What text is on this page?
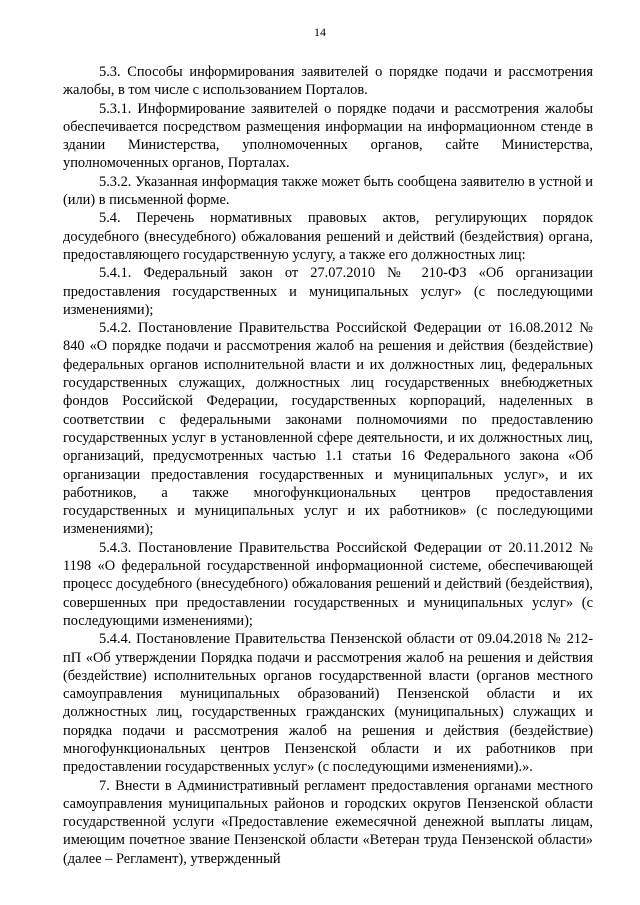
14

5.3. Способы информирования заявителей о порядке подачи и рассмотрения жалобы, в том числе с использованием Порталов.

5.3.1. Информирование заявителей о порядке подачи и рассмотрения жалобы обеспечивается посредством размещения информации на информационном стенде в здании Министерства, уполномоченных органов, сайте Министерства, уполномоченных органов, Порталах.

5.3.2. Указанная информация также может быть сообщена заявителю в устной и (или) в письменной форме.

5.4. Перечень нормативных правовых актов, регулирующих порядок досудебного (внесудебного) обжалования решений и действий (бездействия) органа, предоставляющего государственную услугу, а также его должностных лиц:

5.4.1. Федеральный закон от 27.07.2010 № 210-ФЗ «Об организации предоставления государственных и муниципальных услуг» (с последующими изменениями);

5.4.2. Постановление Правительства Российской Федерации от 16.08.2012 № 840 «О порядке подачи и рассмотрения жалоб на решения и действия (бездействие) федеральных органов исполнительной власти и их должностных лиц, федеральных государственных служащих, должностных лиц государственных внебюджетных фондов Российской Федерации, государственных корпораций, наделенных в соответствии с федеральными законами полномочиями по предоставлению государственных услуг в установленной сфере деятельности, и их должностных лиц, организаций, предусмотренных частью 1.1 статьи 16 Федерального закона «Об организации предоставления государственных и муниципальных услуг», и их работников, а также многофункциональных центров предоставления государственных и муниципальных услуг и их работников» (с последующими изменениями);

5.4.3. Постановление Правительства Российской Федерации от 20.11.2012 № 1198 «О федеральной государственной информационной системе, обеспечивающей процесс досудебного (внесудебного) обжалования решений и действий (бездействия), совершенных при предоставлении государственных и муниципальных услуг» (с последующими изменениями);

5.4.4. Постановление Правительства Пензенской области от 09.04.2018 № 212-пП «Об утверждении Порядка подачи и рассмотрения жалоб на решения и действия (бездействие) исполнительных органов государственной власти (органов местного самоуправления муниципальных образований) Пензенской области и их должностных лиц, государственных гражданских (муниципальных) служащих и порядка подачи и рассмотрения жалоб на решения и действия (бездействие) многофункциональных центров Пензенской области и их работников при предоставлении государственных услуг» (с последующими изменениями).».

7. Внести в Административный регламент предоставления органами местного самоуправления муниципальных районов и городских округов Пензенской области государственной услуги «Предоставление ежемесячной денежной выплаты лицам, имеющим почетное звание Пензенской области «Ветеран труда Пензенской области» (далее – Регламент), утвержденный
